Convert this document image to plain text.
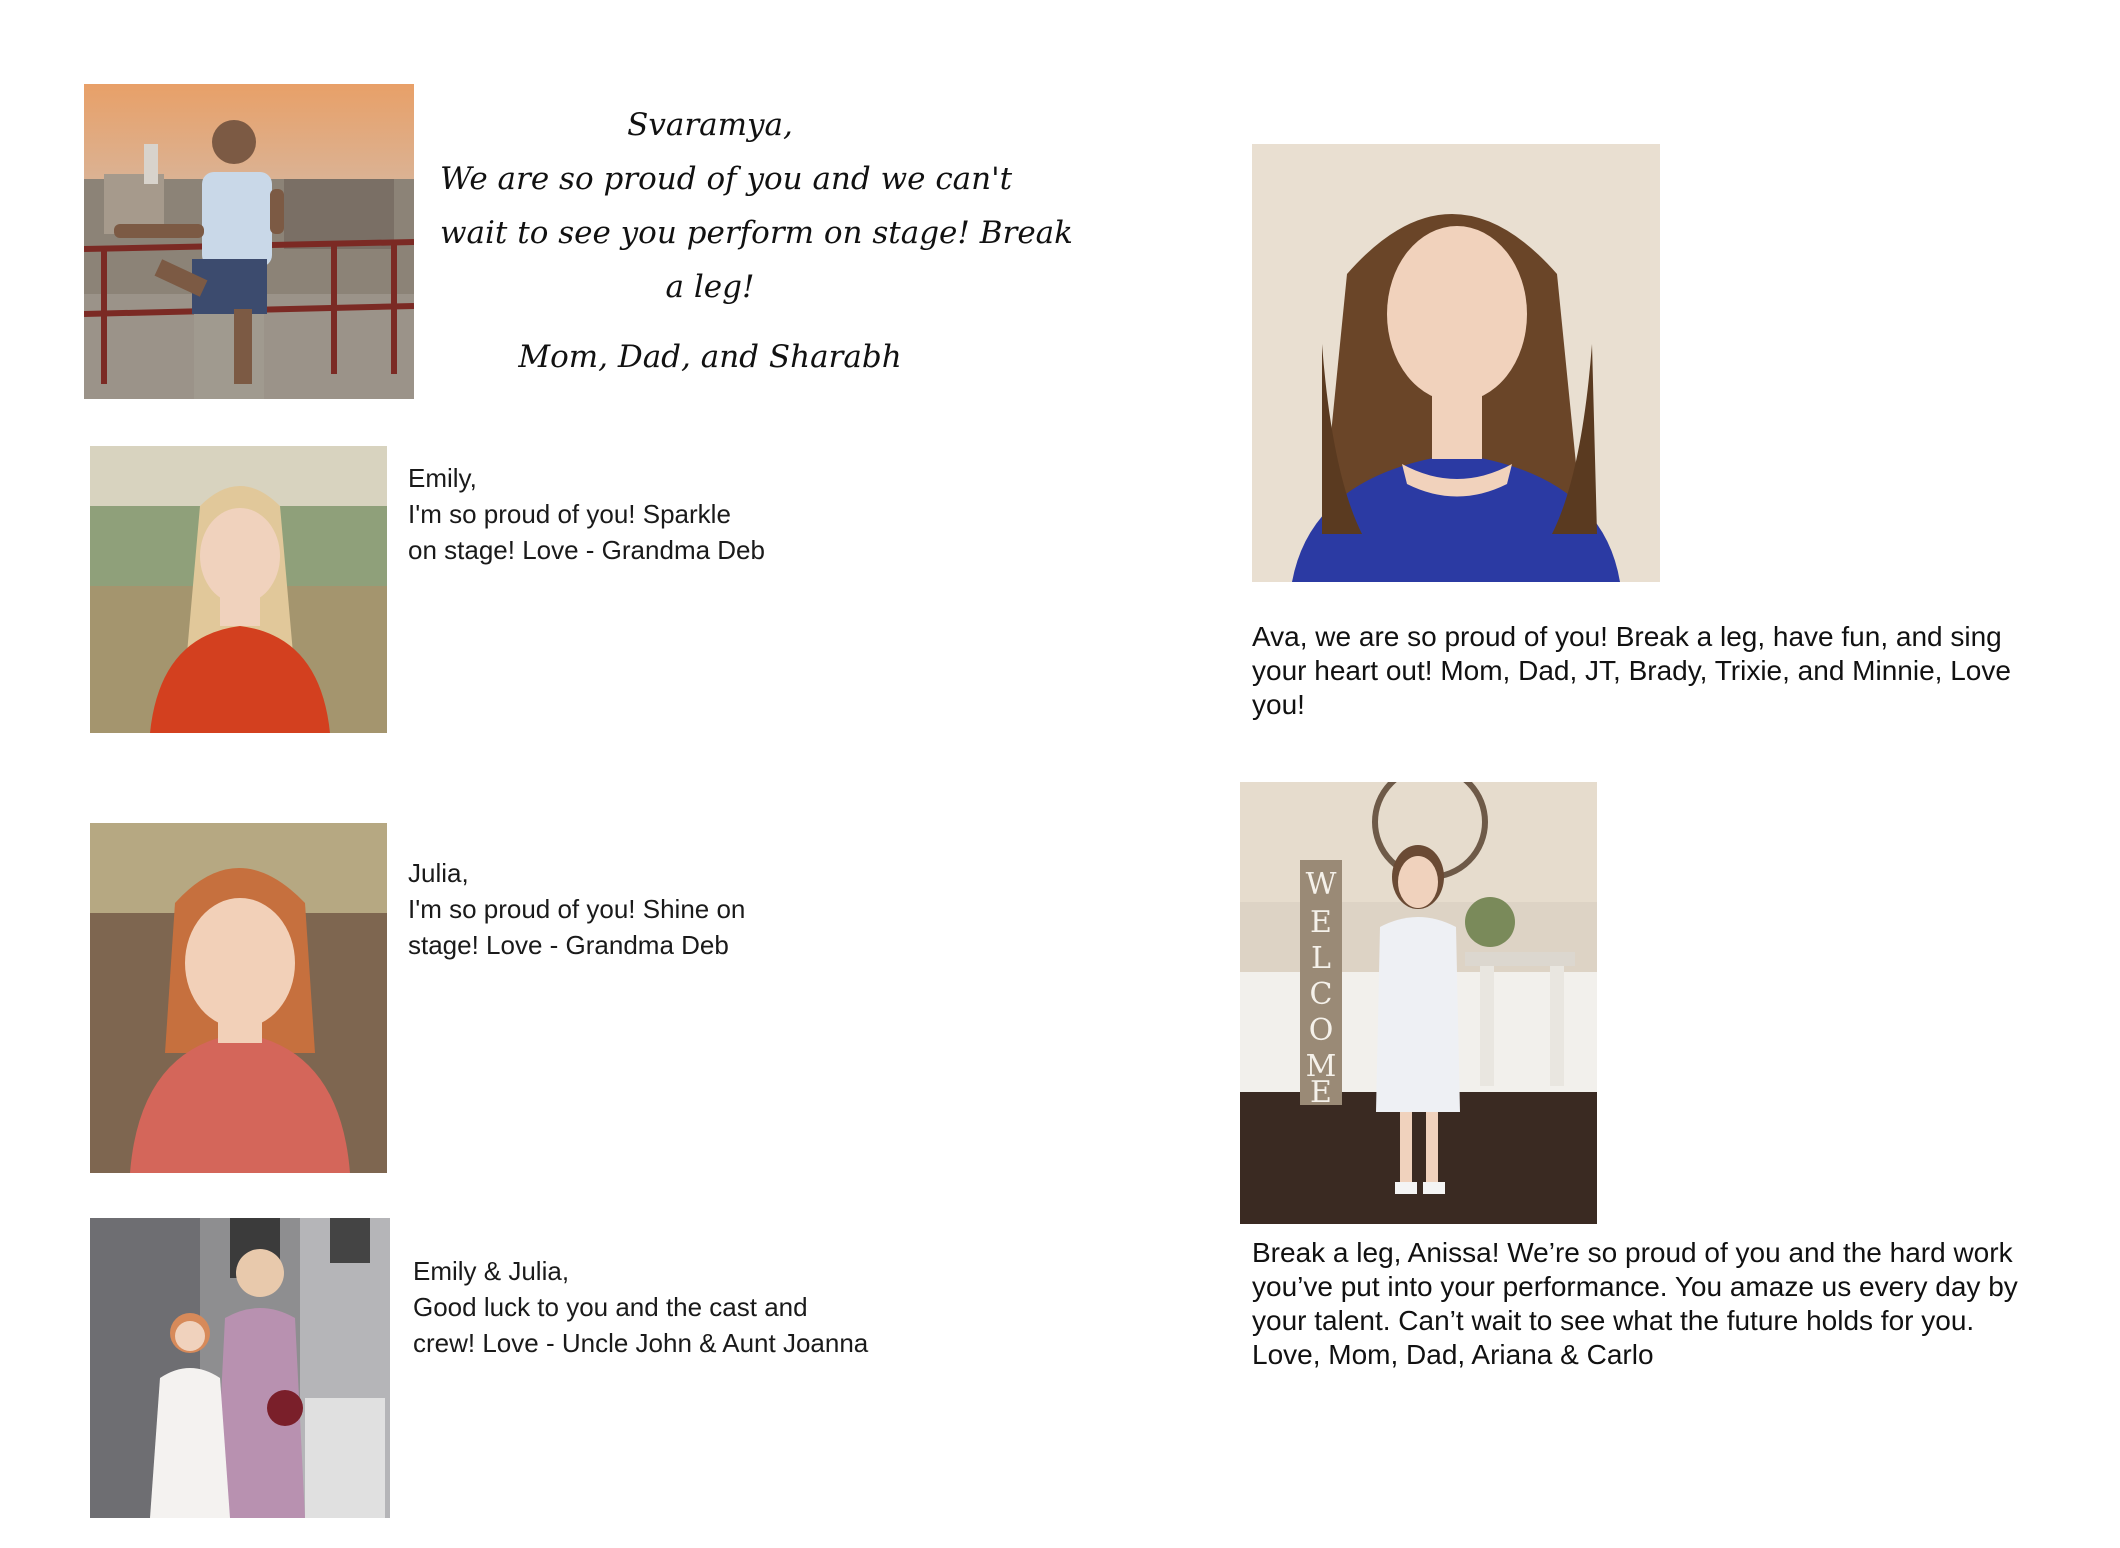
Svaramya,
We are so proud of you and we can't
wait to see you perform on stage! Break
a leg!
Mom, Dad, and Sharabh
Emily,
I'm so proud of you! Sparkle
on stage! Love - Grandma Deb
Julia,
I'm so proud of you! Shine on
stage! Love - Grandma Deb
Emily & Julia,
Good luck to you and the cast and
crew! Love - Uncle John & Aunt Joanna
Ava, we are so proud of you! Break a leg, have fun, and sing
your heart out! Mom, Dad, JT, Brady, Trixie, and Minnie, Love
you!
W
E
L
C
O
M
E
Break a leg, Anissa! We’re so proud of you and the hard work
you’ve put into your performance. You amaze us every day by
your talent. Can’t wait to see what the future holds for you.
Love, Mom, Dad, Ariana & Carlo
